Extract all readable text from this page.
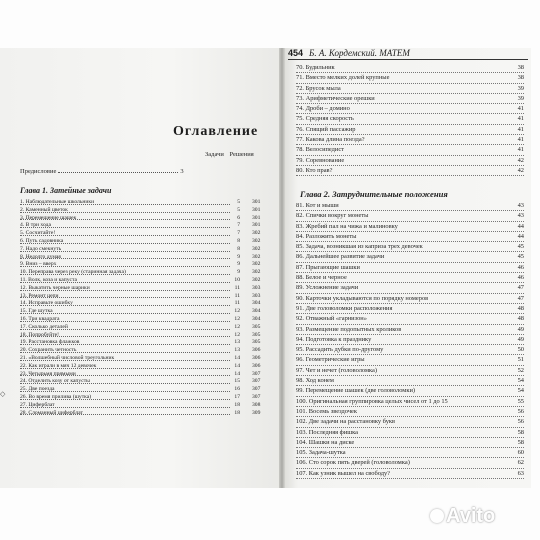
Оглавление
Задачи Решения
Предисловие	3
Глава 1. Затейные задачи
1. Наблюдательные школьники	5 301
2. Каменный цветок	5 301
3. Перемещение шашек	6 301
4. В три хода	7 301
5. Сосчитайте!	7 302
6. Путь садовника	8 302
7. Надо смекнуть	8 302
8. Недолго думая	9 302
9. Вниз – вверх	9 302
10. Переправа через реку (старинная задача)	9 302
11. Волк, коза и капуста	10 302
12. Выкатить черные шарики	11 303
13. Ремонт цепи	11 303
14. Исправьте ошибку	11 304
15. Где шутка	12 304
16. Три квадрата	12 304
17. Сколько деталей	12 305
18. Попробуйте!	12 305
19. Расстановка флажков	13 305
20. Сохранить четность	13 306
21. «Волшебный числовой треугольник	14 306
22. Как играли в мяч 12 девочек	14 306
23. Четырьмя прямыми	14 307
24. Отделить козу от капусты	15 307
25. Две поезда	16 307
26. Во время прилива (шутка)	17 307
27. Циферблат	18 308
28. Сломанный циферблат	18 309
◇
454 Б. А. Кордемский. МАТЕМ
70. Будильник	38
71. Вместо мелких долей крупные	38
72. Брусок мыла	39
73. Арифметические орешки	39
74. Дроби – домино	41
75. Средняя скорость	41
76. Спящий пассажир	41
77. Какова длина поезда?	41
78. Велосипедист	41
79. Соревнование	42
80. Кто прав?	42
Глава 2. Затруднительные положения
81. Кот и мыши	43
82. Спички вокруг монеты	43
83. Жребий пал на чижа и малиновку	44
84. Разложить монеты	44
85. Задача, возникшая из каприза трех девочек	45
86. Дальнейшее развитие задачи	45
87. Прыгающие шашки	46
88. Белое и черное	46
89. Усложнение задачи	47
90. Карточки укладываются по порядку номеров	47
91. Две головоломки расположения	48
92. Отважный «гарнизон»	48
93. Размещение подопытных кроликов	49
94. Подготовка к празднику	49
95. Рассадить дубки по-другому	50
96. Геометрические игры	51
97. Чет и нечет (головоломка)	52
98. Ход конем	54
99. Перемещение шашек (две головоломки)	54
100. Оригинальная группировка целых чисел от 1 до 15	55
101. Восемь звездочек	56
102. Две задачи на расстановку букв	56
103. Последняя фишка	58
104. Шашки на диске	58
105. Задача-шутка	60
106. Сто сорок пять дверей (головоломка)	62
107. Как узник вышел на свободу?	63
Avito
